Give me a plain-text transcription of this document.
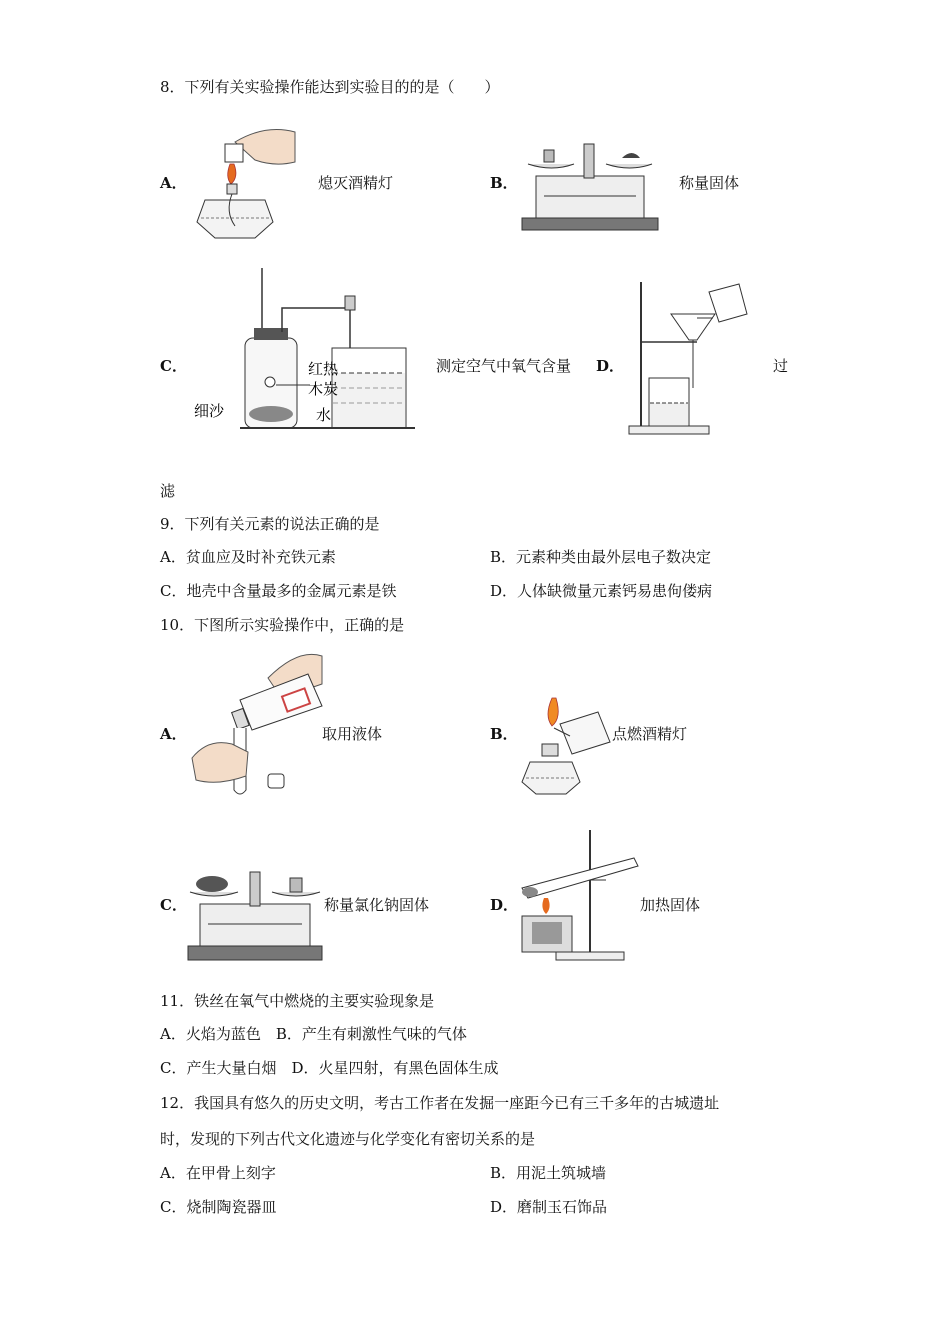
8．下列有关实验操作能达到实验目的的是（　　）
A．	熄灭酒精灯	B．	称量固体
C．	红热
木炭
细沙	水
测定空气中氧气含量 D．	过
滤
9．下列有关元素的说法正确的是
A．贫血应及时补充铁元素	B．元素种类由最外层电子数决定
C．地壳中含量最多的金属元素是铁	D．人体缺微量元素钙易患佝偻病
10．下图所示实验操作中，正确的是
A．	取用液体	B．	点燃酒精灯
C．	称量氯化钠固体	D．	加热固体
11．铁丝在氧气中燃烧的主要实验现象是
A．火焰为蓝色　B．产生有刺激性气味的气体
C．产生大量白烟　D．火星四射，有黑色固体生成
12．我国具有悠久的历史文明，考古工作者在发掘一座距今已有三千多年的古城遗址
时，发现的下列古代文化遗迹与化学变化有密切关系的是
A．在甲骨上刻字	B．用泥土筑城墙
C．烧制陶瓷器皿	D．磨制玉石饰品
